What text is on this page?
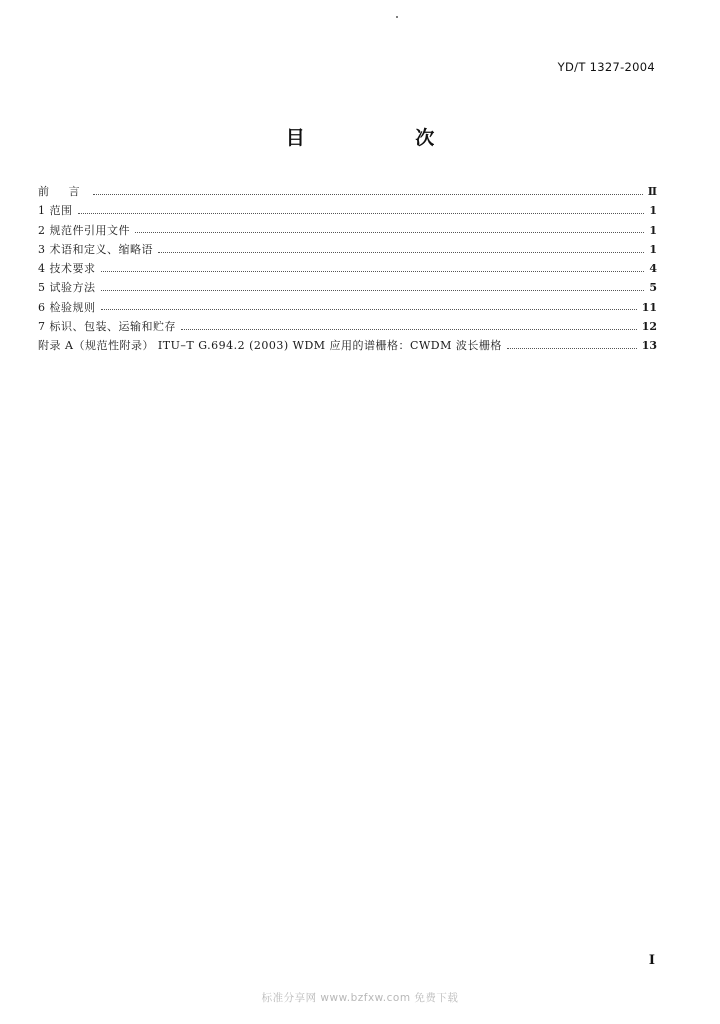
YD/T 1327-2004
目 次
前 言	Ⅱ
1 范围	1
2 规范件引用文件	1
3 术语和定义、缩略语	1
4 技术要求	4
5 试验方法	5
6 检验规则	11
7 标识、包装、运输和贮存	12
附录 A（规范性附录） ITU–T G.694.2 (2003) WDM 应用的谱栅格：CWDM 波长栅格	13
I
标准分享网 www.bzfxw.com 免费下载
